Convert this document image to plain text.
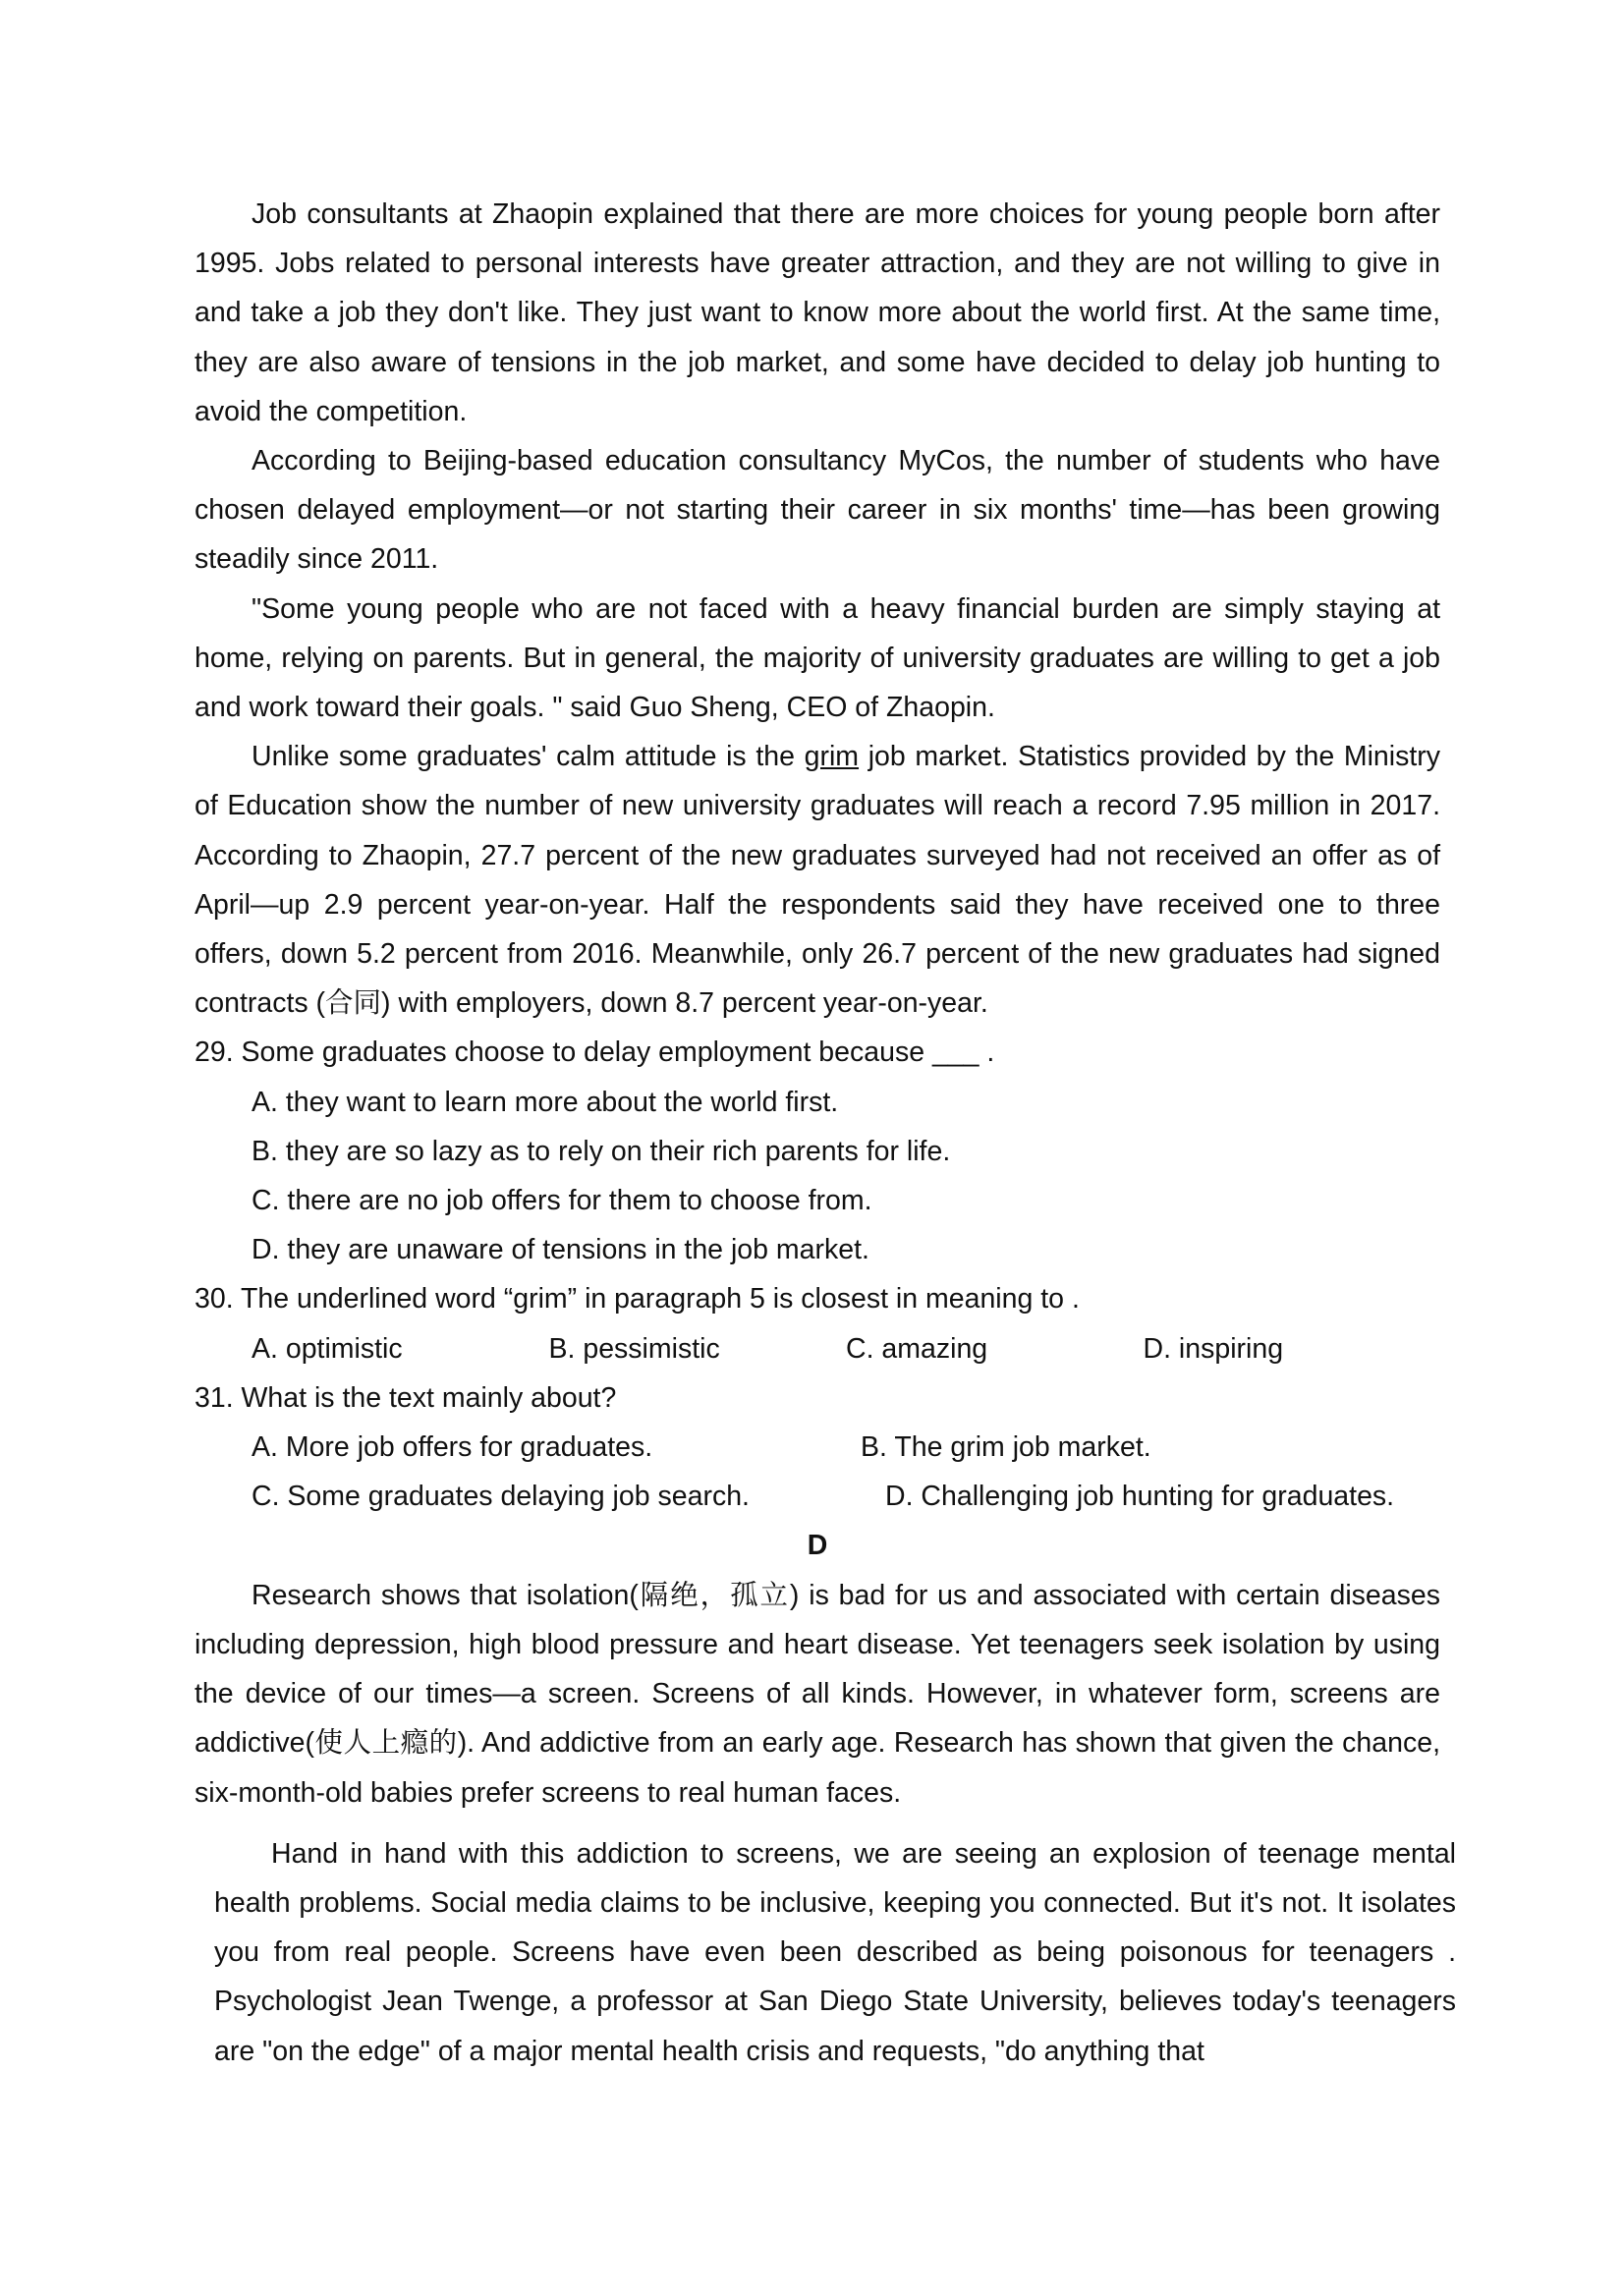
Job consultants at Zhaopin explained that there are more choices for young people born after 1995. Jobs related to personal interests have greater attraction, and they are not willing to give in and take a job they don't like. They just want to know more about the world first. At the same time, they are also aware of tensions in the job market, and some have decided to delay job hunting to avoid the competition.

According to Beijing-based education consultancy MyCos, the number of students who have chosen delayed employment—or not starting their career in six months' time—has been growing steadily since 2011.

"Some young people who are not faced with a heavy financial burden are simply staying at home, relying on parents. But in general, the majority of university graduates are willing to get a job and work toward their goals. " said Guo Sheng, CEO of Zhaopin.

Unlike some graduates' calm attitude is the grim job market. Statistics provided by the Ministry of Education show the number of new university graduates will reach a record 7.95 million in 2017. According to Zhaopin, 27.7 percent of the new graduates surveyed had not received an offer as of April—up 2.9 percent year-on-year. Half the respondents said they have received one to three offers, down 5.2 percent from 2016. Meanwhile, only 26.7 percent of the new graduates had signed contracts (合同) with employers, down 8.7 percent year-on-year.

29. Some graduates choose to delay employment because ___ .

A. they want to learn more about the world first.

B. they are so lazy as to rely on their rich parents for life.

C. there are no job offers for them to choose from.

D. they are unaware of tensions in the job market.

30. The underlined word “grim” in paragraph 5 is closest in meaning to .

A. optimistic	B. pessimistic	C. amazing	D. inspiring

31. What is the text mainly about?

A. More job offers for graduates.	B. The grim job market.
C. Some graduates delaying job search.	D. Challenging job hunting for graduates.

D

Research shows that isolation(隔绝，孤立) is bad for us and associated with certain diseases including depression, high blood pressure and heart disease. Yet teenagers seek isolation by using the device of our times—a screen. Screens of all kinds. However, in whatever form, screens are addictive(使人上瘾的). And addictive from an early age. Research has shown that given the chance, six-month-old babies prefer screens to real human faces.

Hand in hand with this addiction to screens, we are seeing an explosion of teenage mental health problems. Social media claims to be inclusive, keeping you connected. But it's not. It isolates you from real people. Screens have even been described as being poisonous for teenagers . Psychologist Jean Twenge, a professor at San Diego State University, believes today's teenagers are "on the edge" of a major mental health crisis and requests, "do anything that
